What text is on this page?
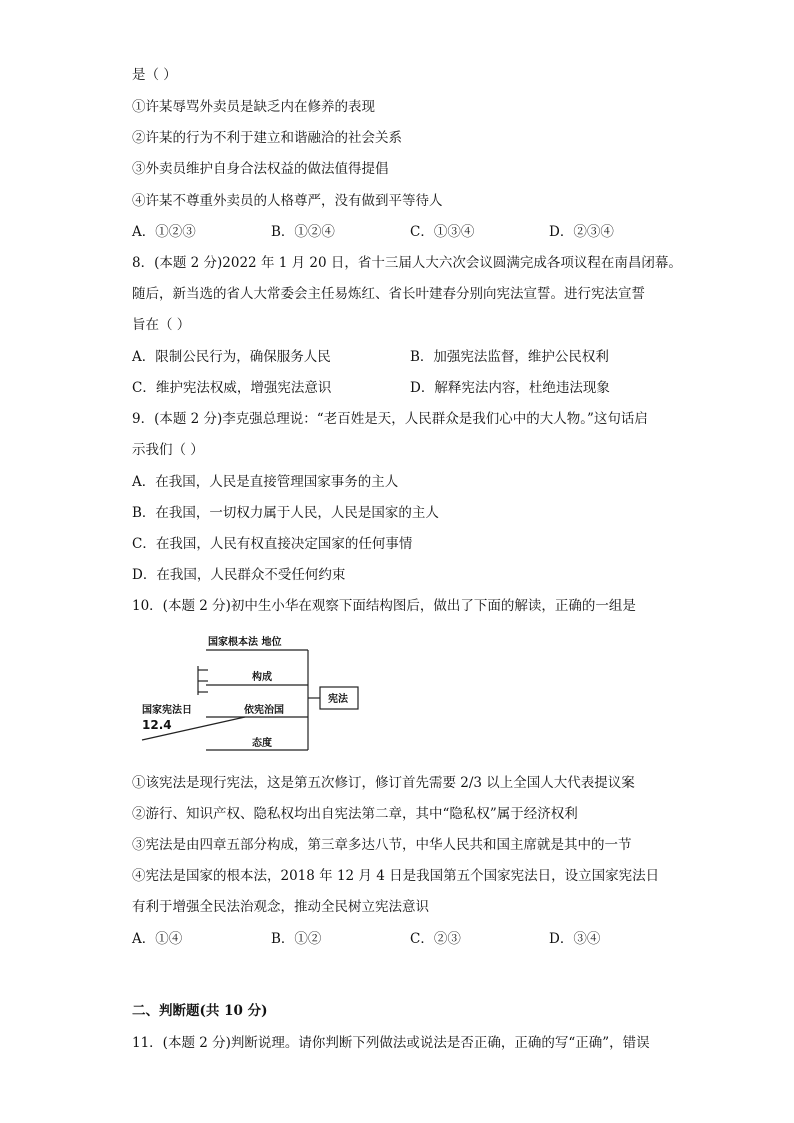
是（ ）
①许某辱骂外卖员是缺乏内在修养的表现
②许某的行为不利于建立和谐融洽的社会关系
③外卖员维护自身合法权益的做法值得提倡
④许某不尊重外卖员的人格尊严，没有做到平等待人
A．①②③	B．①②④	C．①③④	D．②③④
8．(本题 2 分)2022 年 1 月 20 日，省十三届人大六次会议圆满完成各项议程在南昌闭幕。
随后，新当选的省人大常委会主任易炼红、省长叶建春分别向宪法宣誓。进行宪法宣誓
旨在（ ）
A．限制公民行为，确保服务人民	B．加强宪法监督，维护公民权利
C．维护宪法权威，增强宪法意识	D．解释宪法内容，杜绝违法现象
9．(本题 2 分)李克强总理说：“老百姓是天，人民群众是我们心中的大人物。”这句话启
示我们（ ）
A．在我国，人民是直接管理国家事务的主人
B．在我国，一切权力属于人民，人民是国家的主人
C．在我国，人民有权直接决定国家的任何事情
D．在我国，人民群众不受任何约束
10．(本题 2 分)初中生小华在观察下面结构图后，做出了下面的解读，正确的一组是
国家根本法 地位
构成
依宪治国
态度
国家宪法日
12.4
宪法
①该宪法是现行宪法，这是第五次修订，修订首先需要 2/3 以上全国人大代表提议案
②游行、知识产权、隐私权均出自宪法第二章，其中“隐私权”属于经济权利
③宪法是由四章五部分构成，第三章多达八节，中华人民共和国主席就是其中的一节
④宪法是国家的根本法，2018 年 12 月 4 日是我国第五个国家宪法日，设立国家宪法日
有利于增强全民法治观念，推动全民树立宪法意识
A．①④	B．①②	C．②③	D．③④
二、判断题(共 10 分)
11．(本题 2 分)判断说理。请你判断下列做法或说法是否正确，正确的写“正确”，错误
